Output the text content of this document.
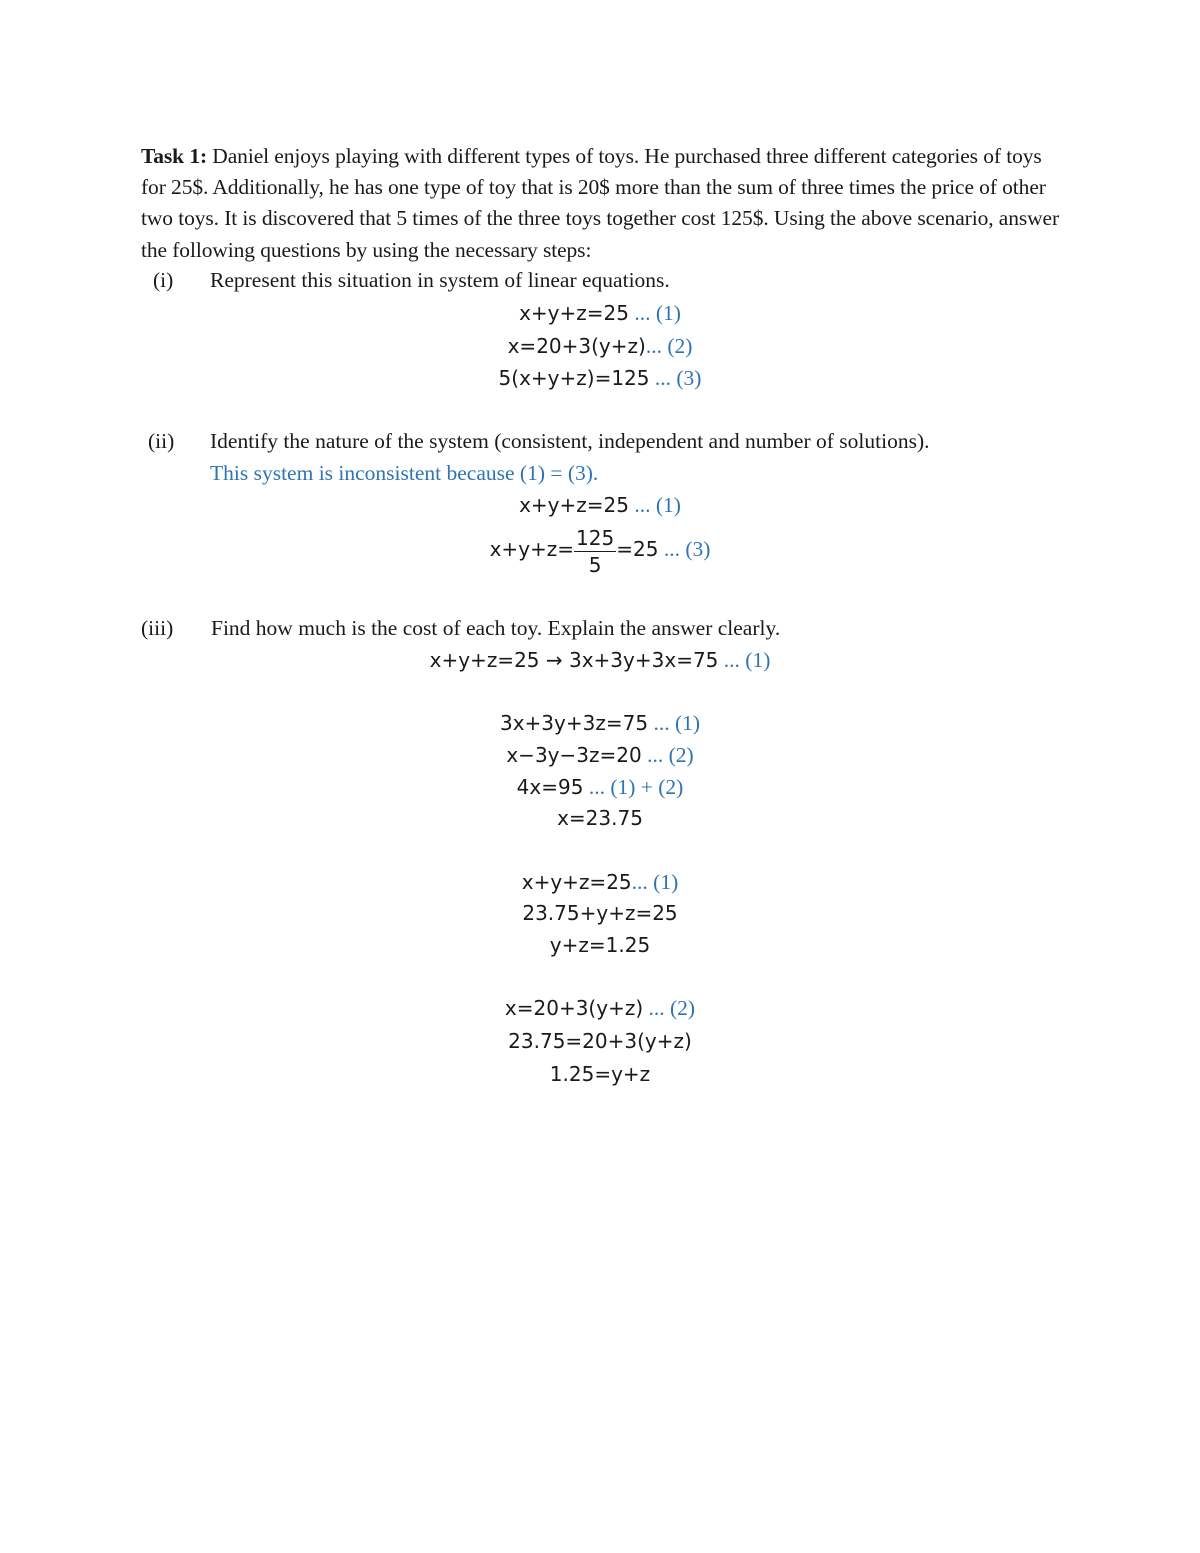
Task 1: Daniel enjoys playing with different types of toys. He purchased three different categories of toys for 25$. Additionally, he has one type of toy that is 20$ more than the sum of three times the price of other two toys. It is discovered that 5 times of the three toys together cost 125$. Using the above scenario, answer the following questions by using the necessary steps:
(i)	Represent this situation in system of linear equations.
x+y+z=25 ... (1)
x=20+3(y+z)... (2)
5(x+y+z)=125 ... (3)
(ii)	Identify the nature of the system (consistent, independent and number of solutions).
This system is inconsistent because (1) = (3).
x+y+z=25 ... (1)
$x+y+z= \frac{125}{5} =25$ ... (3)
(iii)	Find how much is the cost of each toy. Explain the answer clearly.
x+y+z=25 → 3x+3y+3x=75 ... (1)
3x+3y+3z=75 ... (1)
x−3y−3z=20 ... (2)
4x=95 ... (1) + (2)
x=23.75
x+y+z=25... (1)
23.75+y+z=25
y+z=1.25
x=20+3(y+z) ... (2)
23.75=20+3(y+z)
1.25=y+z
